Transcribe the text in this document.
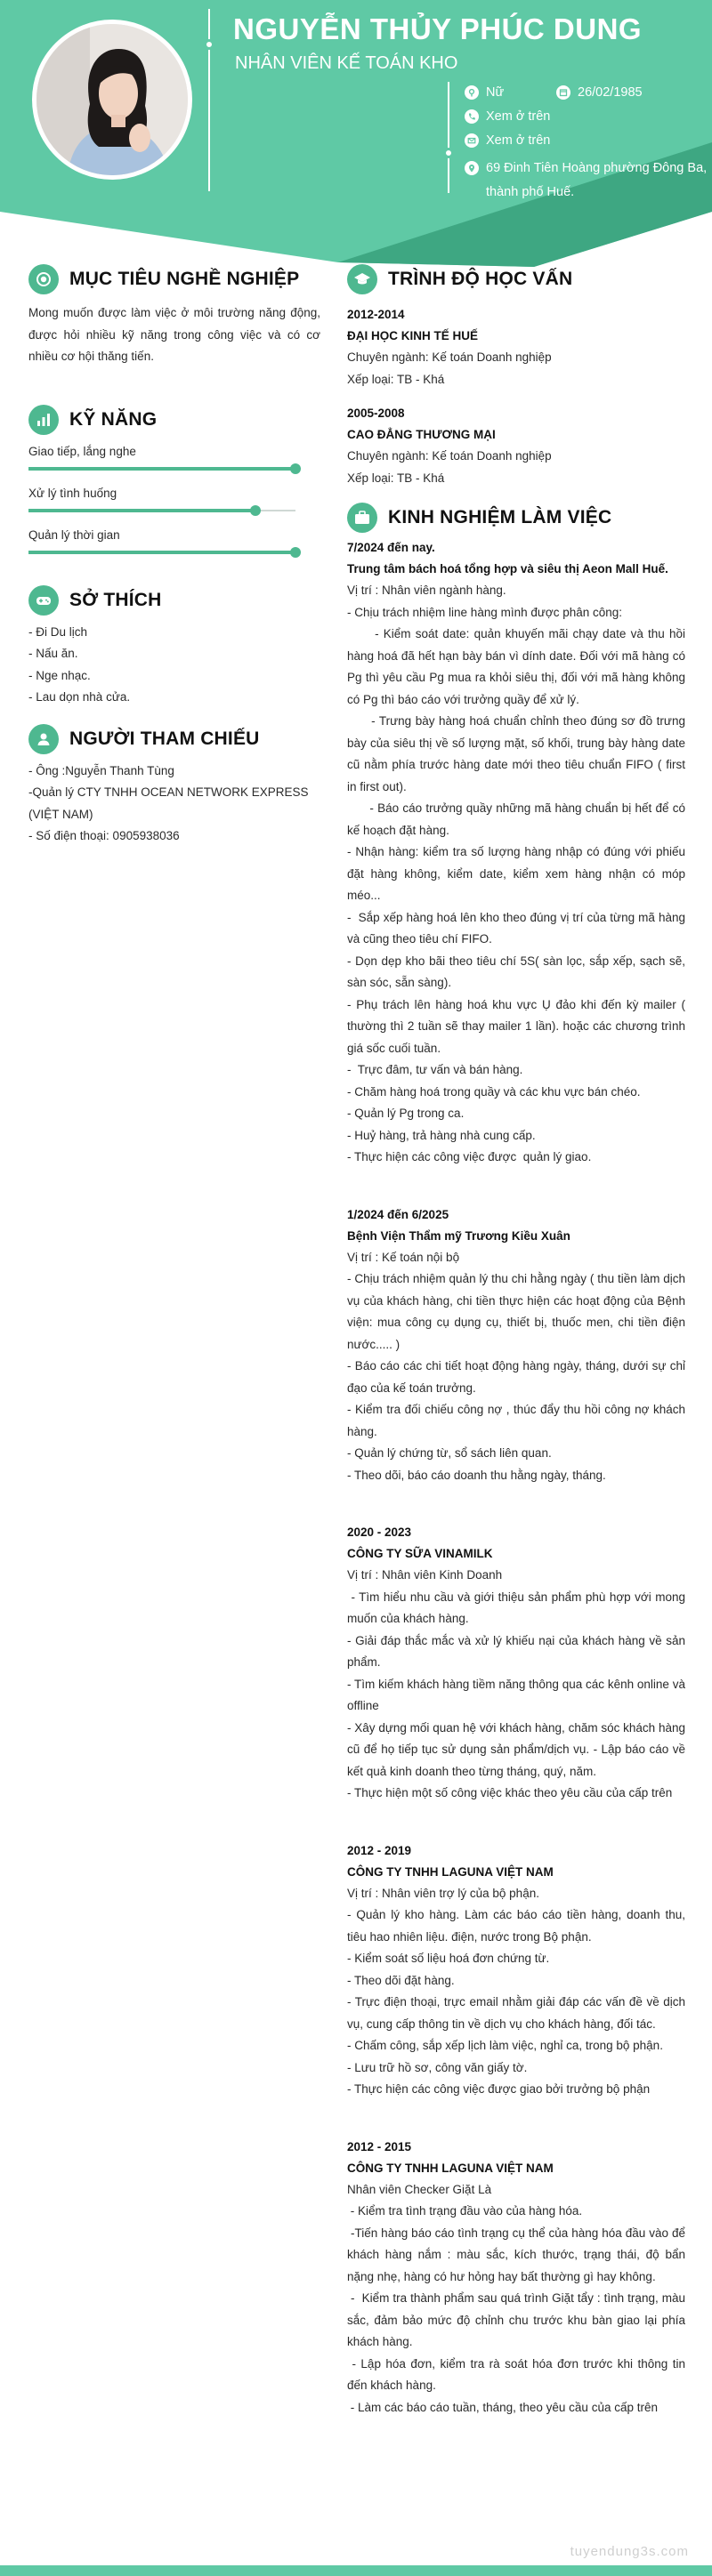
NGUYỄN THỦY PHÚC DUNG
NHÂN VIÊN KẾ TOÁN KHO
Nữ	26/02/1985
Xem ở trên
Xem ở trên
69 Đinh Tiên Hoàng phường Đông Ba, thành phố Huế.
MỤC TIÊU NGHỀ NGHIỆP
Mong muốn được làm việc ở môi trường năng động, được hỏi nhiều kỹ năng trong công việc và có cơ nhiều cơ hội thăng tiến.
KỸ NĂNG
Giao tiếp, lắng nghe
Xử lý tình huống
Quản lý thời gian
SỞ THÍCH
- Đi Du lịch
- Nấu ăn.
- Nge nhạc.
- Lau dọn nhà cửa.
NGƯỜI THAM CHIẾU
- Ông :Nguyễn Thanh Tùng
-Quản lý CTY TNHH OCEAN NETWORK EXPRESS (VIỆT NAM)
- Số điện thoại: 0905938036
TRÌNH ĐỘ HỌC VẤN
2012-2014
ĐẠI HỌC KINH TẾ HUẾ
Chuyên ngành: Kế toán Doanh nghiệp
Xếp loại: TB - Khá
2005-2008
CAO ĐẲNG THƯƠNG MẠI
Chuyên ngành: Kế toán Doanh nghiệp
Xếp loại: TB - Khá
KINH NGHIỆM LÀM VIỆC
7/2024 đến nay.
Trung tâm bách hoá tổng hợp và siêu thị Aeon Mall Huế.
Vị trí : Nhân viên ngành hàng.
- Chịu trách nhiệm line hàng mình được phân công:
- Kiểm soát date: quản khuyến mãi chạy date và thu hồi hàng hoá đã hết hạn bày bán vì dính date. Đối với mã hàng có Pg thì yêu cầu Pg mua ra khỏi siêu thị, đối với mã hàng không có Pg thì báo cáo với trưởng quầy để xử lý.
- Trưng bày hàng hoá chuẩn chỉnh theo đúng sơ đồ trưng bày của siêu thị về số lượng mặt, số khối, trung bày hàng date cũ nằm phía trước hàng date mới theo tiêu chuẩn FIFO ( first in first out).
- Báo cáo trưởng quầy những mã hàng chuẩn bị hết để có kế hoạch đặt hàng.
- Nhận hàng: kiểm tra số lượng hàng nhập có đúng với phiếu đặt hàng không, kiểm date, kiểm xem hàng nhận có móp méo...
-  Sắp xếp hàng hoá lên kho theo đúng vị trí của từng mã hàng và cũng theo tiêu chí FIFO.
- Dọn dẹp kho bãi theo tiêu chí 5S( sàn lọc, sắp xếp, sạch sẽ, sàn sóc, sẵn sàng).
- Phụ trách lên hàng hoá khu vực Ụ đảo khi đến kỳ mailer ( thường thì 2 tuần sẽ thay mailer 1 lần). hoặc các chương trình giá sốc cuối tuần.
-  Trực đâm, tư vấn và bán hàng.
- Chăm hàng hoá trong quầy và các khu vực bán chéo.
- Quản lý Pg trong ca.
- Huỷ hàng, trả hàng nhà cung cấp.
- Thực hiện các công việc được  quản lý giao.
1/2024 đến 6/2025
Bệnh Viện Thẩm mỹ Trương Kiều Xuân
Vị trí : Kế toán nội bộ
- Chịu trách nhiệm quản lý thu chi hằng ngày ( thu tiền làm dịch vụ của khách hàng, chi tiền thực hiện các hoạt động của Bệnh viện: mua công cụ dụng cụ, thiết bị, thuốc men, chi tiền điện nước..... )
- Báo cáo các chi tiết hoạt động hàng ngày, tháng, dưới sự chỉ đạo của kế toán trưởng.
- Kiểm tra đối chiếu công nợ , thúc đẩy thu hồi công nợ khách hàng.
- Quản lý chứng từ, sổ sách liên quan.
- Theo dõi, báo cáo doanh thu hằng ngày, tháng.
2020 - 2023
CÔNG TY SỮA VINAMILK
Vị trí : Nhân viên Kinh Doanh
- Tìm hiểu nhu cầu và giới thiệu sản phẩm phù hợp với mong muốn của khách hàng.
- Giải đáp thắc mắc và xử lý khiếu nại của khách hàng về sản phẩm.
- Tìm kiếm khách hàng tiềm năng thông qua các kênh online và offline
- Xây dựng mối quan hệ với khách hàng, chăm sóc khách hàng cũ để họ tiếp tục sử dụng sản phẩm/dịch vụ. - Lập báo cáo về kết quả kinh doanh theo từng tháng, quý, năm.
- Thực hiện một số công việc khác theo yêu cầu của cấp trên
2012 - 2019
CÔNG TY TNHH LAGUNA VIỆT NAM
Vị trí : Nhân viên trợ lý của bộ phận.
- Quản lý kho hàng. Làm các báo cáo tiền hàng, doanh thu, tiêu hao nhiên liệu. điện, nước trong Bộ phận.
- Kiểm soát số liệu hoá đơn chứng từ.
- Theo dõi đặt hàng.
- Trực điện thoại, trực email nhằm giải đáp các vấn đề về dịch vụ, cung cấp thông tin về dịch vụ cho khách hàng, đối tác.
- Chấm công, sắp xếp lịch làm việc, nghỉ ca, trong bộ phận.
- Lưu trữ hồ sơ, công văn giấy tờ.
- Thực hiện các công việc được giao bởi trưởng bộ phận
2012 - 2015
CÔNG TY TNHH LAGUNA VIỆT NAM
Nhân viên Checker Giặt Là
- Kiểm tra tình trạng đầu vào của hàng hóa.
-Tiến hàng báo cáo tình trạng cụ thể của hàng hóa đầu vào để khách hàng nắm : màu sắc, kích thước, trạng thái, độ bẩn nặng nhẹ, hàng có hư hỏng hay bất thường gì hay không.
-  Kiểm tra thành phẩm sau quá trình Giặt tẩy : tình trạng, màu sắc, đảm bảo mức độ chỉnh chu trước khu bàn giao lại phía khách hàng.
- Lập hóa đơn, kiểm tra rà soát hóa đơn trước khi thông tin đến khách hàng.
- Làm các báo cáo tuần, tháng, theo yêu cầu của cấp trên
tuyendung3s.com
